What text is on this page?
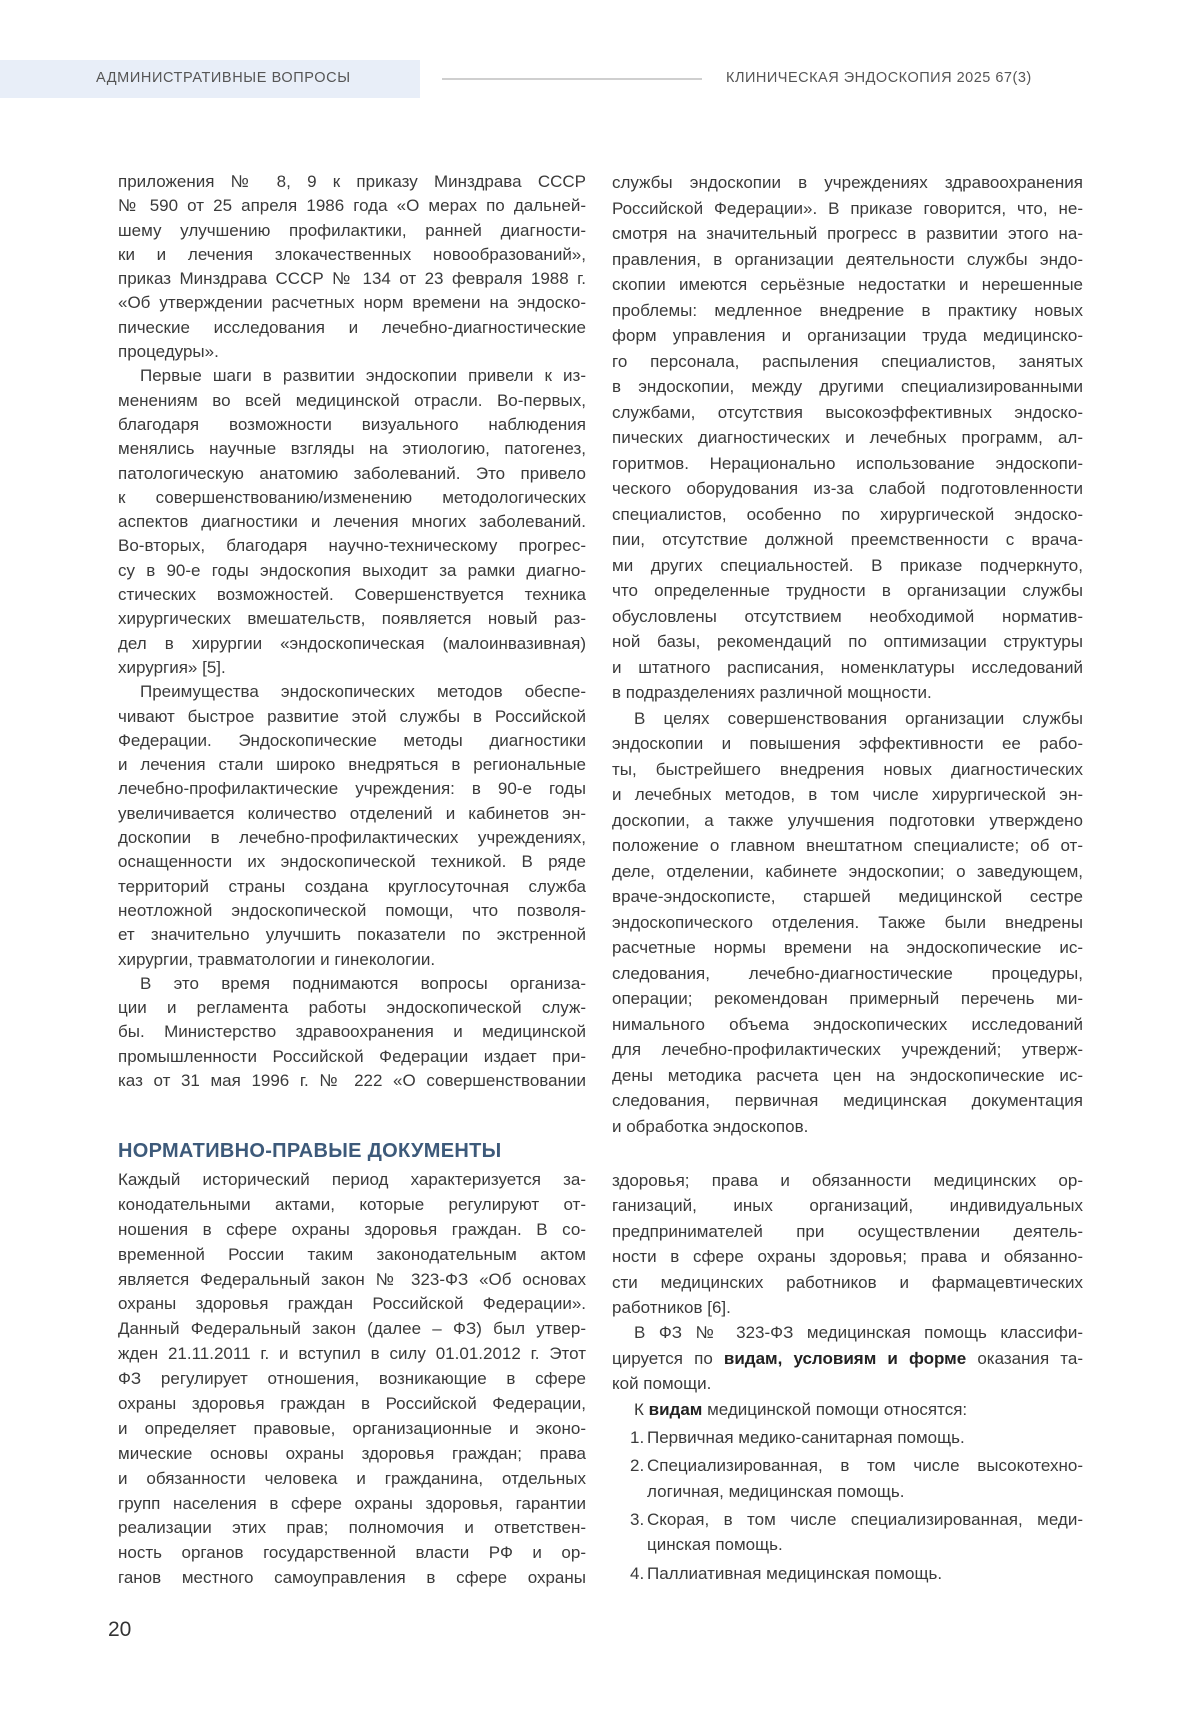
АДМИНИСТРАТИВНЫЕ ВОПРОСЫ	КЛИНИЧЕСКАЯ ЭНДОСКОПИЯ 2025 67(3)
приложения № 8, 9 к приказу Минздрава СССР
№ 590 от 25 апреля 1986 года «О мерах по дальней-
шему улучшению профилактики, ранней диагности-
ки и лечения злокачественных новообразований»,
приказ Минздрава СССР № 134 от 23 февраля 1988 г.
«Об утверждении расчетных норм времени на эндоско-
пические исследования и лечебно-диагностические
процедуры».
Первые шаги в развитии эндоскопии привели к из-
менениям во всей медицинской отрасли. Во-первых,
благодаря возможности визуального наблюдения
менялись научные взгляды на этиологию, патогенез,
патологическую анатомию заболеваний. Это привело
к совершенствованию/изменению методологических
аспектов диагностики и лечения многих заболеваний.
Во-вторых, благодаря научно-техническому прогрес-
су в 90-е годы эндоскопия выходит за рамки диагно-
стических возможностей. Совершенствуется техника
хирургических вмешательств, появляется новый раз-
дел в хирургии «эндоскопическая (малоинвазивная)
хирургия» [5].
Преимущества эндоскопических методов обеспе-
чивают быстрое развитие этой службы в Российской
Федерации. Эндоскопические методы диагностики
и лечения стали широко внедряться в региональные
лечебно-профилактические учреждения: в 90-е годы
увеличивается количество отделений и кабинетов эн-
доскопии в лечебно-профилактических учреждениях,
оснащенности их эндоскопической техникой. В ряде
территорий страны создана круглосуточная служба
неотложной эндоскопической помощи, что позволя-
ет значительно улучшить показатели по экстренной
хирургии, травматологии и гинекологии.
В это время поднимаются вопросы организа-
ции и регламента работы эндоскопической служ-
бы. Министерство здравоохранения и медицинской
промышленности Российской Федерации издает при-
каз от 31 мая 1996 г. № 222 «О совершенствовании
службы эндоскопии в учреждениях здравоохранения
Российской Федерации». В приказе говорится, что, не-
смотря на значительный прогресс в развитии этого на-
правления, в организации деятельности службы эндо-
скопии имеются серьёзные недостатки и нерешенные
проблемы: медленное внедрение в практику новых
форм управления и организации труда медицинско-
го персонала, распыления специалистов, занятых
в эндоскопии, между другими специализированными
службами, отсутствия высокоэффективных эндоско-
пических диагностических и лечебных программ, ал-
горитмов. Нерационально использование эндоскопи-
ческого оборудования из-за слабой подготовленности
специалистов, особенно по хирургической эндоско-
пии, отсутствие должной преемственности с врача-
ми других специальностей. В приказе подчеркнуто,
что определенные трудности в организации службы
обусловлены отсутствием необходимой норматив-
ной базы, рекомендаций по оптимизации структуры
и штатного расписания, номенклатуры исследований
в подразделениях различной мощности.
В целях совершенствования организации службы
эндоскопии и повышения эффективности ее рабо-
ты, быстрейшего внедрения новых диагностических
и лечебных методов, в том числе хирургической эн-
доскопии, а также улучшения подготовки утверждено
положение о главном внештатном специалисте; об от-
деле, отделении, кабинете эндоскопии; о заведующем,
враче-эндоскописте, старшей медицинской сестре
эндоскопического отделения. Также были внедрены
расчетные нормы времени на эндоскопические ис-
следования, лечебно-диагностические процедуры,
операции; рекомендован примерный перечень ми-
нимального объема эндоскопических исследований
для лечебно-профилактических учреждений; утверж-
дены методика расчета цен на эндоскопические ис-
следования, первичная медицинская документация
и обработка эндоскопов.
НОРМАТИВНО-ПРАВЫЕ ДОКУМЕНТЫ
Каждый исторический период характеризуется за-
конодательными актами, которые регулируют от-
ношения в сфере охраны здоровья граждан. В со-
временной России таким законодательным актом
является Федеральный закон № 323-ФЗ «Об основах
охраны здоровья граждан Российской Федерации».
Данный Федеральный закон (далее – ФЗ) был утвер-
жден 21.11.2011 г. и вступил в силу 01.01.2012 г. Этот
ФЗ регулирует отношения, возникающие в сфере
охраны здоровья граждан в Российской Федерации,
и определяет правовые, организационные и эконо-
мические основы охраны здоровья граждан; права
и обязанности человека и гражданина, отдельных
групп населения в сфере охраны здоровья, гарантии
реализации этих прав; полномочия и ответствен-
ность органов государственной власти РФ и ор-
ганов местного самоуправления в сфере охраны
здоровья; права и обязанности медицинских ор-
ганизаций, иных организаций, индивидуальных
предпринимателей при осуществлении деятель-
ности в сфере охраны здоровья; права и обязанно-
сти медицинских работников и фармацевтических
работников [6].
В ФЗ № 323-ФЗ медицинская помощь классифи-
цируется по видам, условиям и форме оказания та-
кой помощи.
К видам медицинской помощи относятся:
1. Первичная медико-санитарная помощь.
2. Специализированная, в том числе высокотехно-
логичная, медицинская помощь.
3. Скорая, в том числе специализированная, меди-
цинская помощь.
4. Паллиативная медицинская помощь.
20
